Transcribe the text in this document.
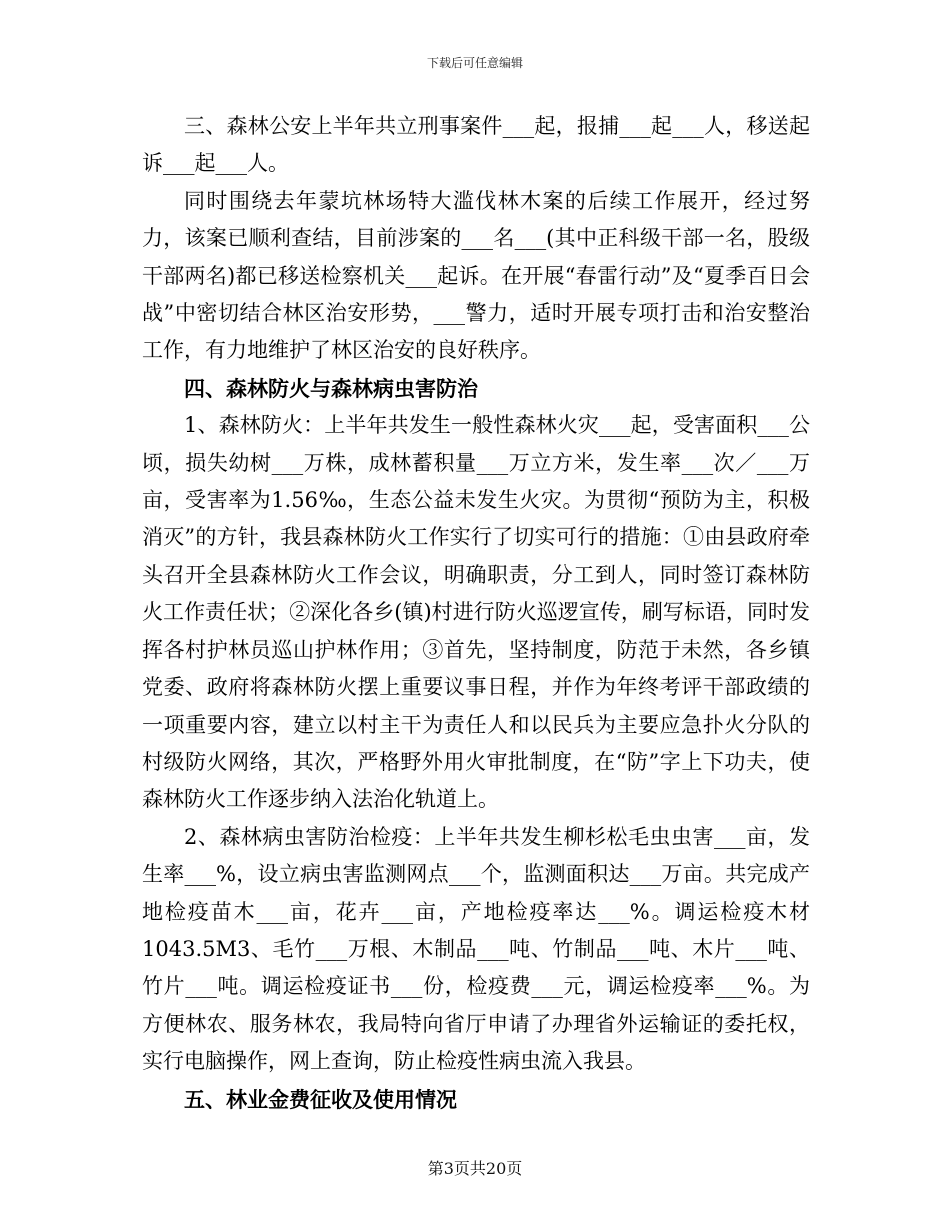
下载后可任意编辑

三、森林公安上半年共立刑事案件___起，报捕___起___人，移送起诉___起___人。

同时围绕去年蒙坑林场特大滥伐林木案的后续工作展开，经过努力，该案已顺利查结，目前涉案的___名___(其中正科级干部一名，股级干部两名)都已移送检察机关___起诉。在开展“春雷行动”及“夏季百日会战”中密切结合林区治安形势，___警力，适时开展专项打击和治安整治工作，有力地维护了林区治安的良好秩序。

四、森林防火与森林病虫害防治

1、森林防火：上半年共发生一般性森林火灾___起，受害面积___公顷，损失幼树___万株，成林蓄积量___万立方米，发生率___次／___万亩，受害率为1.56‰，生态公益未发生火灾。为贯彻“预防为主，积极消灭”的方针，我县森林防火工作实行了切实可行的措施：①由县政府牵头召开全县森林防火工作会议，明确职责，分工到人，同时签订森林防火工作责任状；②深化各乡(镇)村进行防火巡逻宣传，刷写标语，同时发挥各村护林员巡山护林作用；③首先，坚持制度，防范于未然，各乡镇党委、政府将森林防火摆上重要议事日程，并作为年终考评干部政绩的一项重要内容，建立以村主干为责任人和以民兵为主要应急扑火分队的村级防火网络，其次，严格野外用火审批制度，在“防”字上下功夫，使森林防火工作逐步纳入法治化轨道上。

2、森林病虫害防治检疫：上半年共发生柳杉松毛虫虫害___亩，发生率___%，设立病虫害监测网点___个，监测面积达___万亩。共完成产地检疫苗木___亩，花卉___亩，产地检疫率达___%。调运检疫木材1043.5M3、毛竹___万根、木制品___吨、竹制品___吨、木片___吨、竹片___吨。调运检疫证书___份，检疫费___元，调运检疫率___%。为方便林农、服务林农，我局特向省厅申请了办理省外运输证的委托权，实行电脑操作，网上查询，防止检疫性病虫流入我县。

五、林业金费征收及使用情况

第3页共20页
